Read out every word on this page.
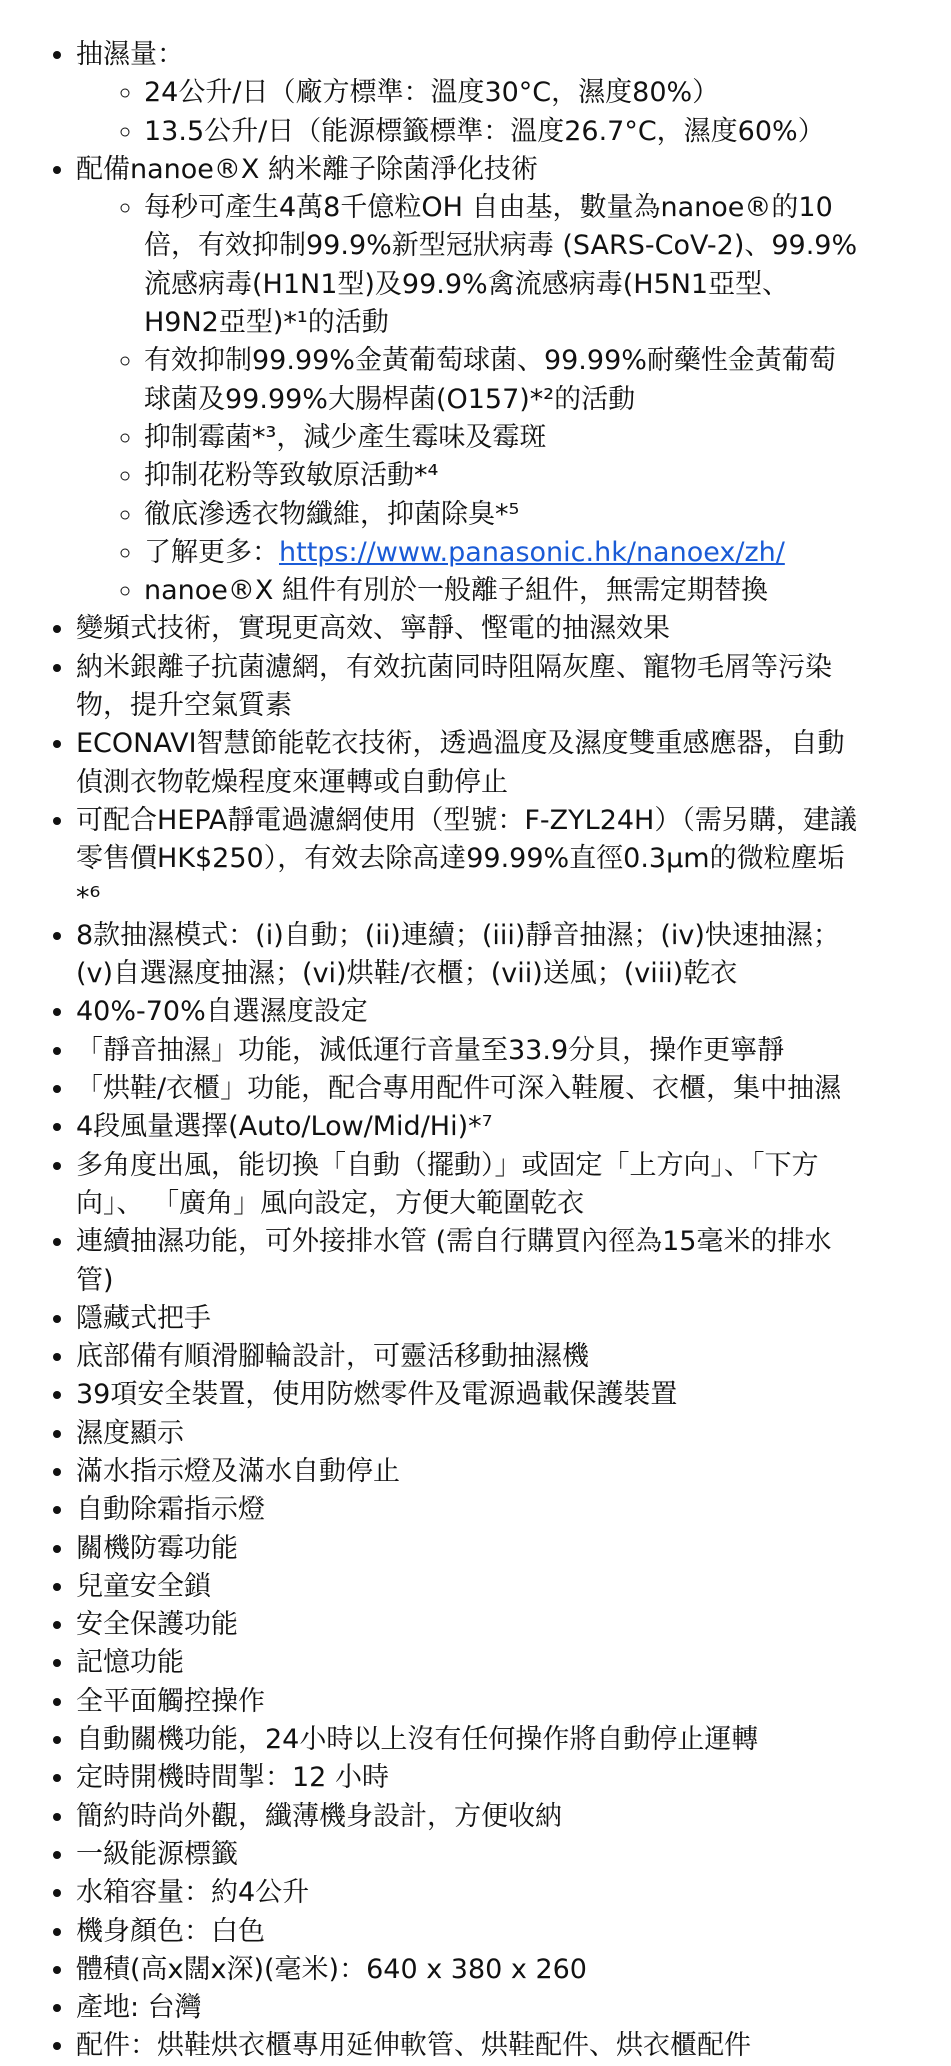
• 抽濕量：
◦ 24公升/日（廠方標準：溫度30°C，濕度80%）
◦ 13.5公升/日（能源標籤標準：溫度26.7°C，濕度60%）
• 配備nanoe®X 納米離子除菌淨化技術
◦ 每秒可產生4萬8千億粒OH 自由基，數量為nanoe®的10倍，有效抑制99.9%新型冠狀病毒 (SARS-CoV-2)、99.9%流感病毒(H1N1型)及99.9%禽流感病毒(H5N1亞型、H9N2亞型)*¹的活動
◦ 有效抑制99.99%金黃葡萄球菌、99.99%耐藥性金黃葡萄球菌及99.99%大腸桿菌(O157)*²的活動
◦ 抑制霉菌*³，減少產生霉味及霉斑
◦ 抑制花粉等致敏原活動*⁴
◦ 徹底滲透衣物纖維，抑菌除臭*⁵
◦ 了解更多：https://www.panasonic.hk/nanoex/zh/
◦ nanoe®X 組件有別於一般離子組件，無需定期替換
• 變頻式技術，實現更高效、寧靜、慳電的抽濕效果
• 納米銀離子抗菌濾網，有效抗菌同時阻隔灰塵、寵物毛屑等污染物，提升空氣質素
• ECONAVI智慧節能乾衣技術，透過溫度及濕度雙重感應器，自動偵測衣物乾燥程度來運轉或自動停止
• 可配合HEPA靜電過濾網使用（型號：F-ZYL24H）（需另購，建議零售價HK$250），有效去除高達99.99%直徑0.3µm的微粒塵垢*⁶
• 8款抽濕模式：(i)自動；(ii)連續；(iii)靜音抽濕；(iv)快速抽濕；(v)自選濕度抽濕；(vi)烘鞋/衣櫃；(vii)送風；(viii)乾衣
• 40%-70%自選濕度設定
• 「靜音抽濕」功能，減低運行音量至33.9分貝，操作更寧靜
• 「烘鞋/衣櫃」功能，配合專用配件可深入鞋履、衣櫃，集中抽濕
• 4段風量選擇(Auto/Low/Mid/Hi)*⁷
• 多角度出風，能切換「自動（擺動）」或固定「上方向」、「下方向」、 「廣角」風向設定，方便大範圍乾衣
• 連續抽濕功能，可外接排水管 (需自行購買內徑為15毫米的排水管)
• 隱藏式把手
• 底部備有順滑腳輪設計，可靈活移動抽濕機
• 39項安全裝置，使用防燃零件及電源過載保護裝置
• 濕度顯示
• 滿水指示燈及滿水自動停止
• 自動除霜指示燈
• 關機防霉功能
• 兒童安全鎖
• 安全保護功能
• 記憶功能
• 全平面觸控操作
• 自動關機功能，24小時以上沒有任何操作將自動停止運轉
• 定時開機時間掣：12 小時
• 簡約時尚外觀，纖薄機身設計，方便收納
• 一級能源標籤
• 水箱容量：約4公升
• 機身顏色：白色
• 體積(高x闊x深)(毫米)：640 x 380 x 260
• 產地: 台灣
• 配件：烘鞋烘衣櫃專用延伸軟管、烘鞋配件、烘衣櫃配件
